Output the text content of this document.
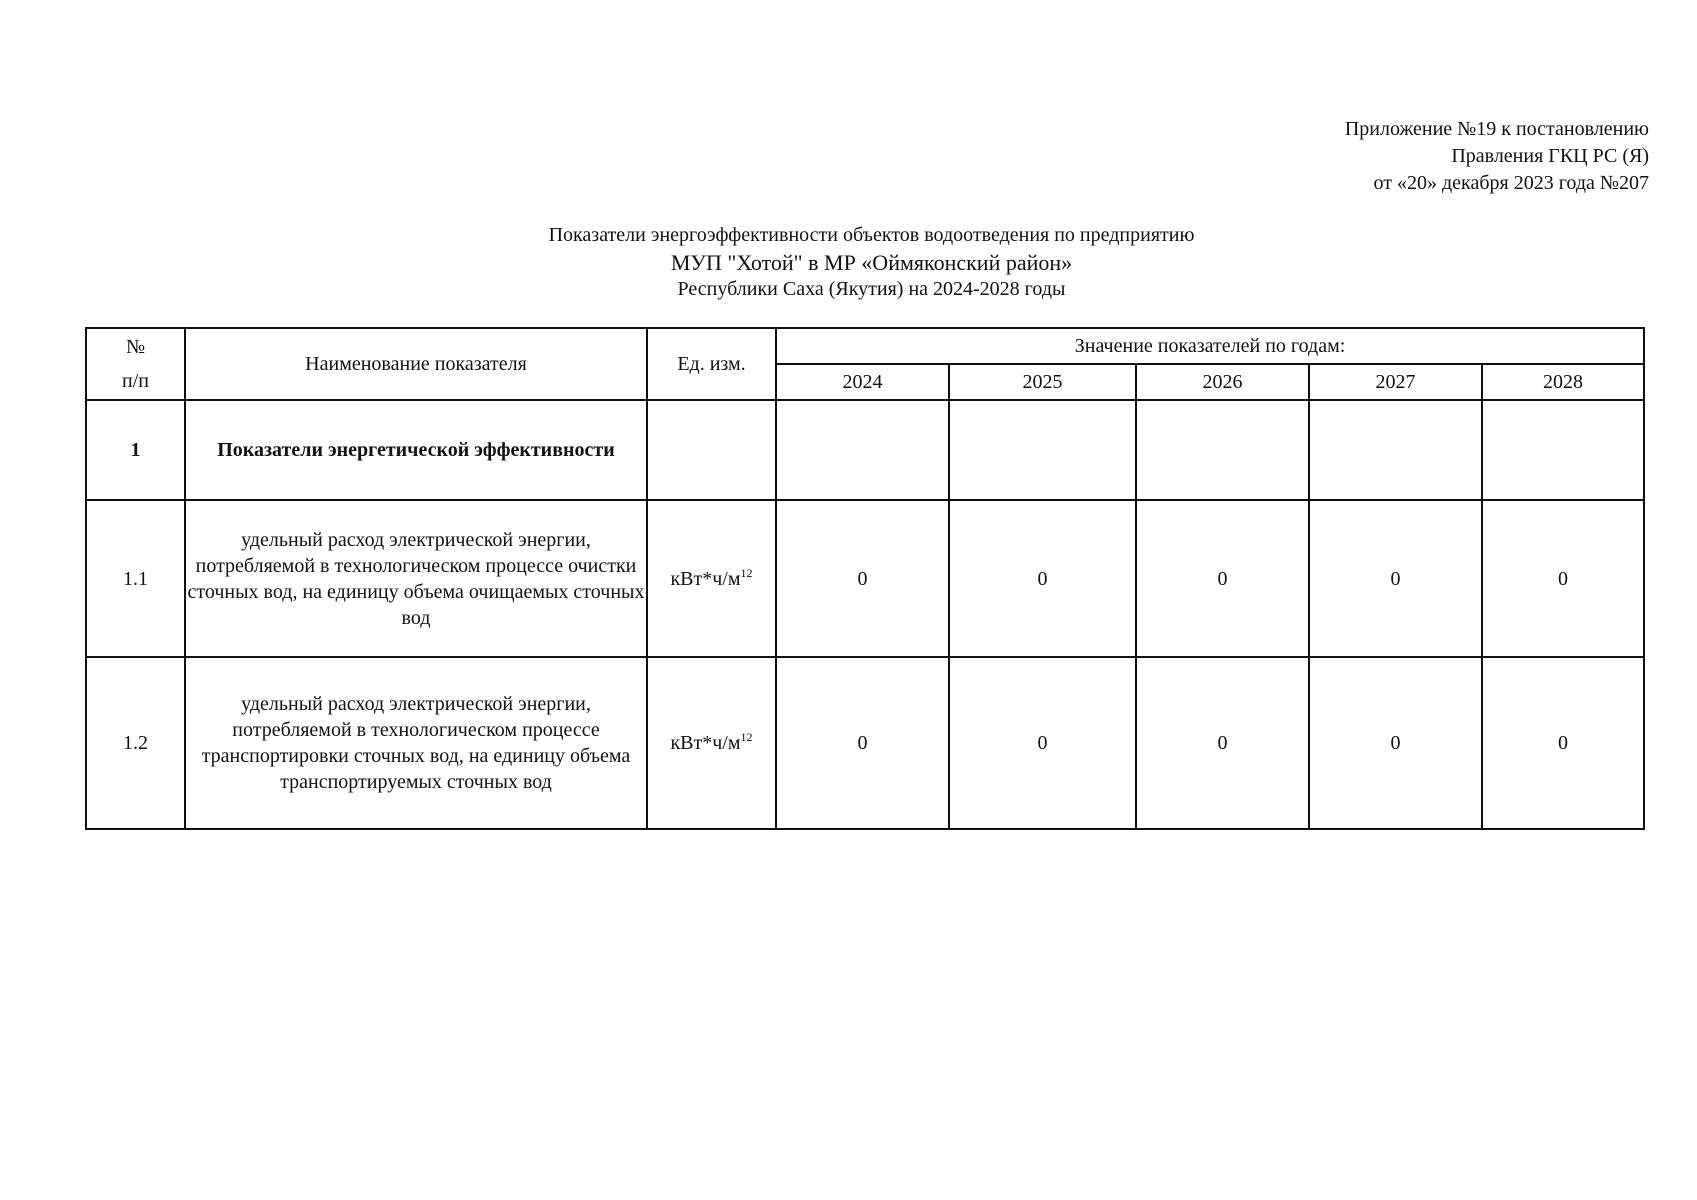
Приложение №19 к постановлению
Правления ГКЦ РС (Я)
от «20» декабря 2023 года №207
Показатели энергоэффективности объектов водоотведения по предприятию
МУП "Хотой" в МР «Оймяконский район»
Республики Саха (Якутия) на 2024-2028 годы
№
п/п	Наименование показателя	Ед. изм.	Значение показателей по годам:				
			2024	2025	2026	2027	2028
1	Показатели энергетической эффективности						
1.1	удельный расход электрической энергии, потребляемой в технологическом процессе очистки сточных вод, на единицу объема очищаемых сточных вод	$кВт*ч/м^{12}$	0	0	0	0	0
1.2	удельный расход электрической энергии, потребляемой в технологическом процессе транспортировки сточных вод, на единицу объема транспортируемых сточных вод	$кВт*ч/м^{12}$	0	0	0	0	0
